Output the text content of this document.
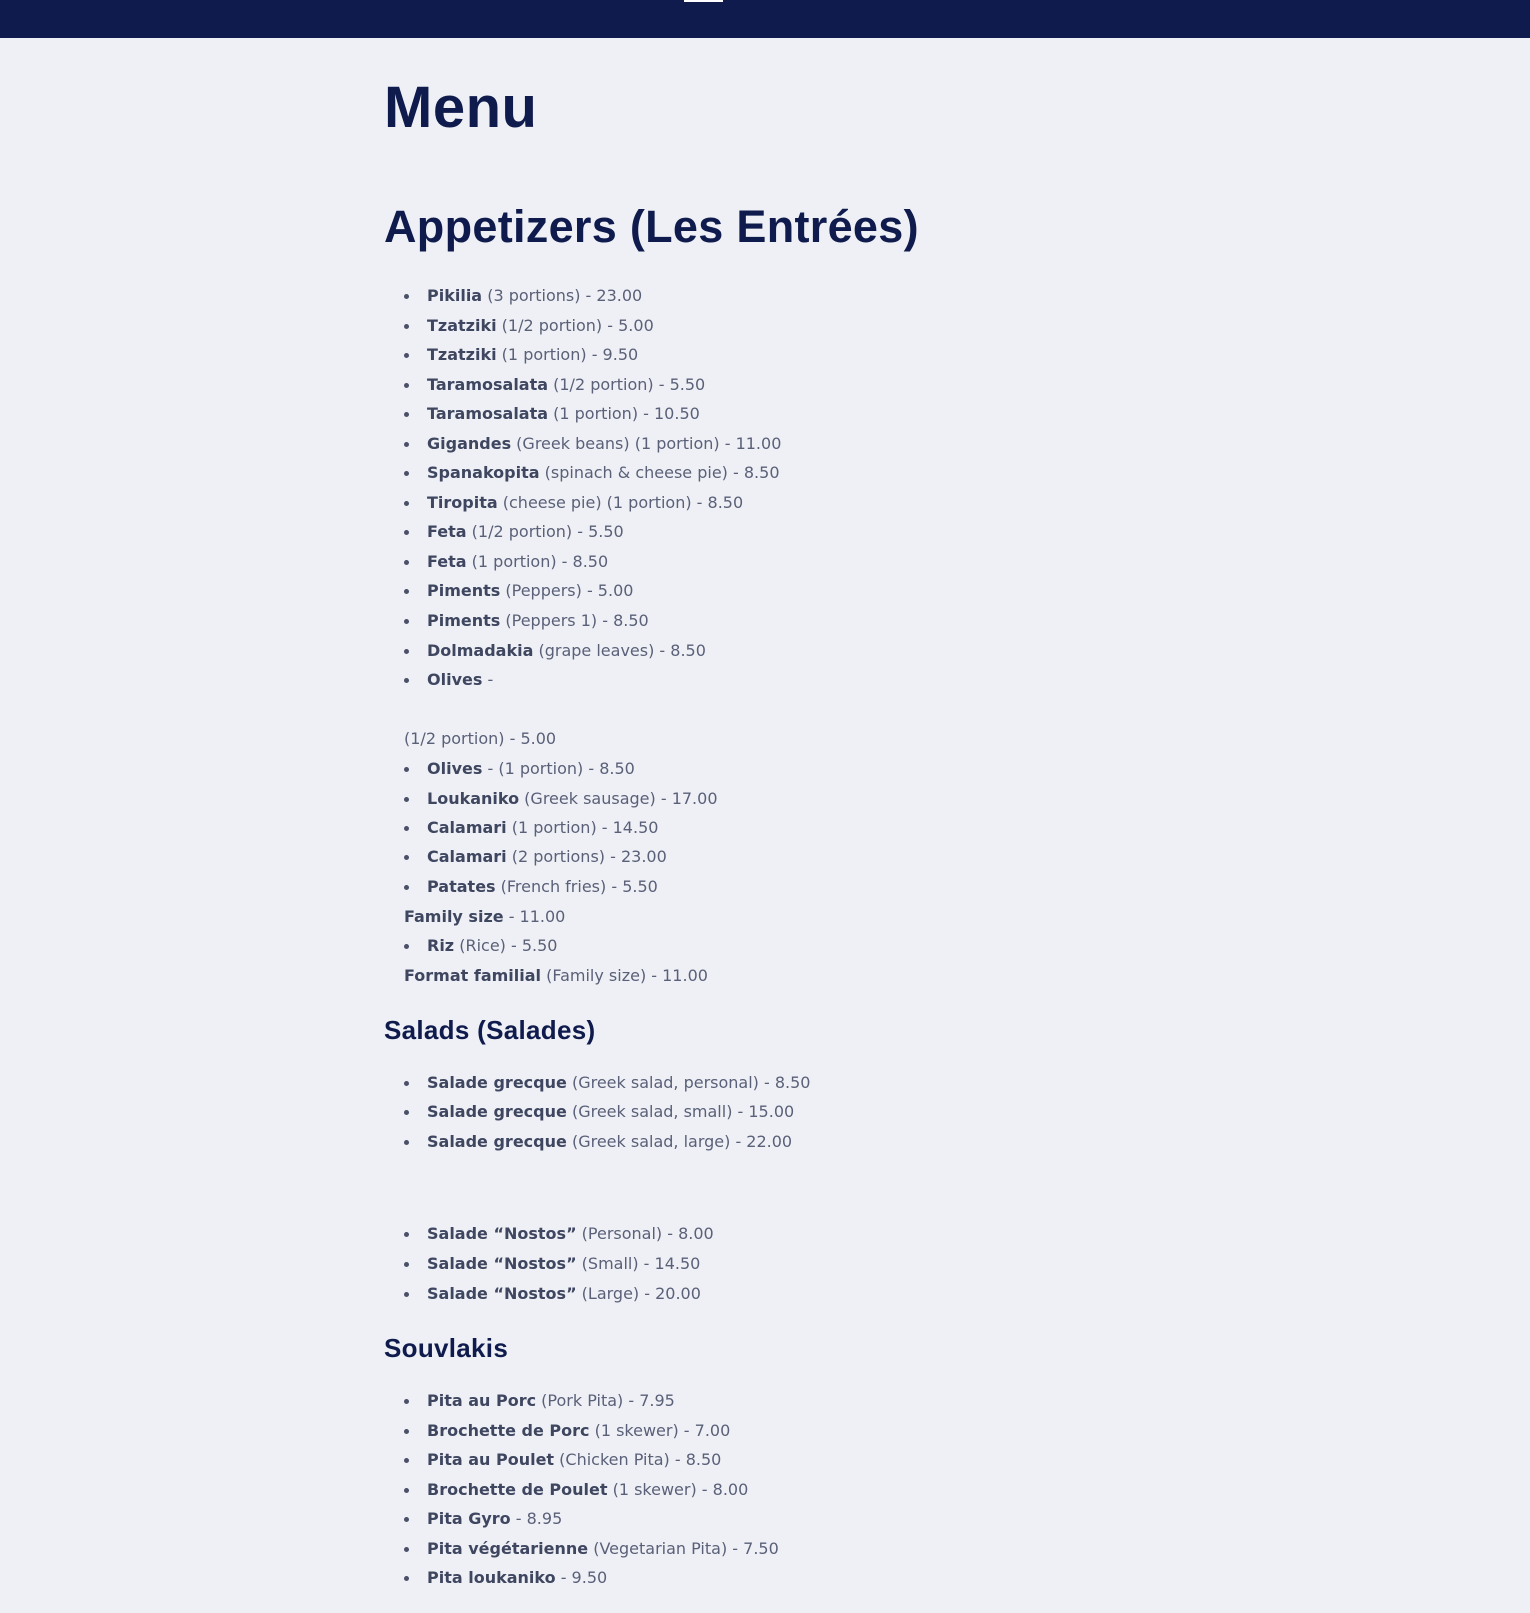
Menu
Appetizers (Les Entrées)
Pikilia (3 portions) - 23.00
Tzatziki (1/2 portion) - 5.00
Tzatziki (1 portion) - 9.50
Taramosalata (1/2 portion) - 5.50
Taramosalata (1 portion) - 10.50
Gigandes (Greek beans) (1 portion) - 11.00
Spanakopita (spinach & cheese pie) - 8.50
Tiropita (cheese pie) (1 portion) - 8.50
Feta (1/2 portion) - 5.50
Feta (1 portion) - 8.50
Piments (Peppers) - 5.00
Piments (Peppers 1) - 8.50
Dolmadakia (grape leaves) - 8.50
Olives -
(1/2 portion) - 5.00
Olives - (1 portion) - 8.50
Loukaniko (Greek sausage) - 17.00
Calamari (1 portion) - 14.50
Calamari (2 portions) - 23.00
Patates (French fries) - 5.50
Family size - 11.00
Riz (Rice) - 5.50
Format familial (Family size) - 11.00
Salads (Salades)
Salade grecque (Greek salad, personal) - 8.50
Salade grecque (Greek salad, small) - 15.00
Salade grecque (Greek salad, large) - 22.00
Salade “Nostos” (Personal) - 8.00
Salade “Nostos” (Small) - 14.50
Salade “Nostos” (Large) - 20.00
Souvlakis
Pita au Porc (Pork Pita) - 7.95
Brochette de Porc (1 skewer) - 7.00
Pita au Poulet (Chicken Pita) - 8.50
Brochette de Poulet (1 skewer) - 8.00
Pita Gyro - 8.95
Pita végétarienne (Vegetarian Pita) - 7.50
Pita loukaniko - 9.50
